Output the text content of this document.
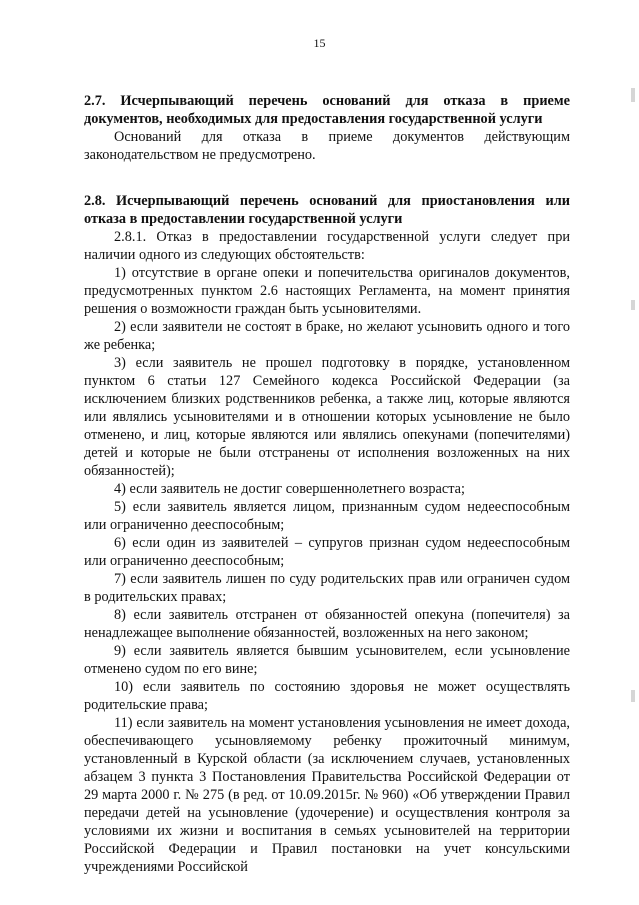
15

2.7. Исчерпывающий перечень оснований для отказа в приеме документов, необходимых для предоставления государственной услуги

Оснований для отказа в приеме документов действующим законодательством не предусмотрено.

2.8. Исчерпывающий перечень оснований для приостановления или отказа в предоставлении государственной услуги

2.8.1. Отказ в предоставлении государственной услуги следует при наличии одного из следующих обстоятельств:

1) отсутствие в органе опеки и попечительства оригиналов документов, предусмотренных пунктом 2.6 настоящих Регламента, на момент принятия решения о возможности граждан быть усыновителями.

2) если заявители не состоят в браке, но желают усыновить одного и того же ребенка;

3) если заявитель не прошел подготовку в порядке, установленном пунктом 6 статьи 127 Семейного кодекса Российской Федерации (за исключением близких родственников ребенка, а также лиц, которые являются или являлись усыновителями и в отношении которых усыновление не было отменено, и лиц, которые являются или являлись опекунами (попечителями) детей и которые не были отстранены от исполнения возложенных на них обязанностей);

4) если заявитель не достиг совершеннолетнего возраста;

5) если заявитель является лицом, признанным судом недееспособным или ограниченно дееспособным;

6) если один из заявителей – супругов признан судом недееспособным или ограниченно дееспособным;

7) если заявитель лишен по суду родительских прав или ограничен судом в родительских правах;

8) если заявитель отстранен от обязанностей опекуна (попечителя) за ненадлежащее выполнение обязанностей, возложенных на него законом;

9) если заявитель является бывшим усыновителем, если усыновление отменено судом по его вине;

10) если заявитель по состоянию здоровья не может осуществлять родительские права;

11) если заявитель на момент установления усыновления не имеет дохода, обеспечивающего усыновляемому ребенку прожиточный минимум, установленный в Курской области (за исключением случаев, установленных абзацем 3 пункта 3 Постановления Правительства Российской Федерации от 29 марта 2000 г. № 275 (в ред. от 10.09.2015г. № 960) «Об утверждении Правил передачи детей на усыновление (удочерение) и осуществления контроля за условиями их жизни и воспитания в семьях усыновителей на территории Российской Федерации и Правил постановки на учет консульскими учреждениями Российской
